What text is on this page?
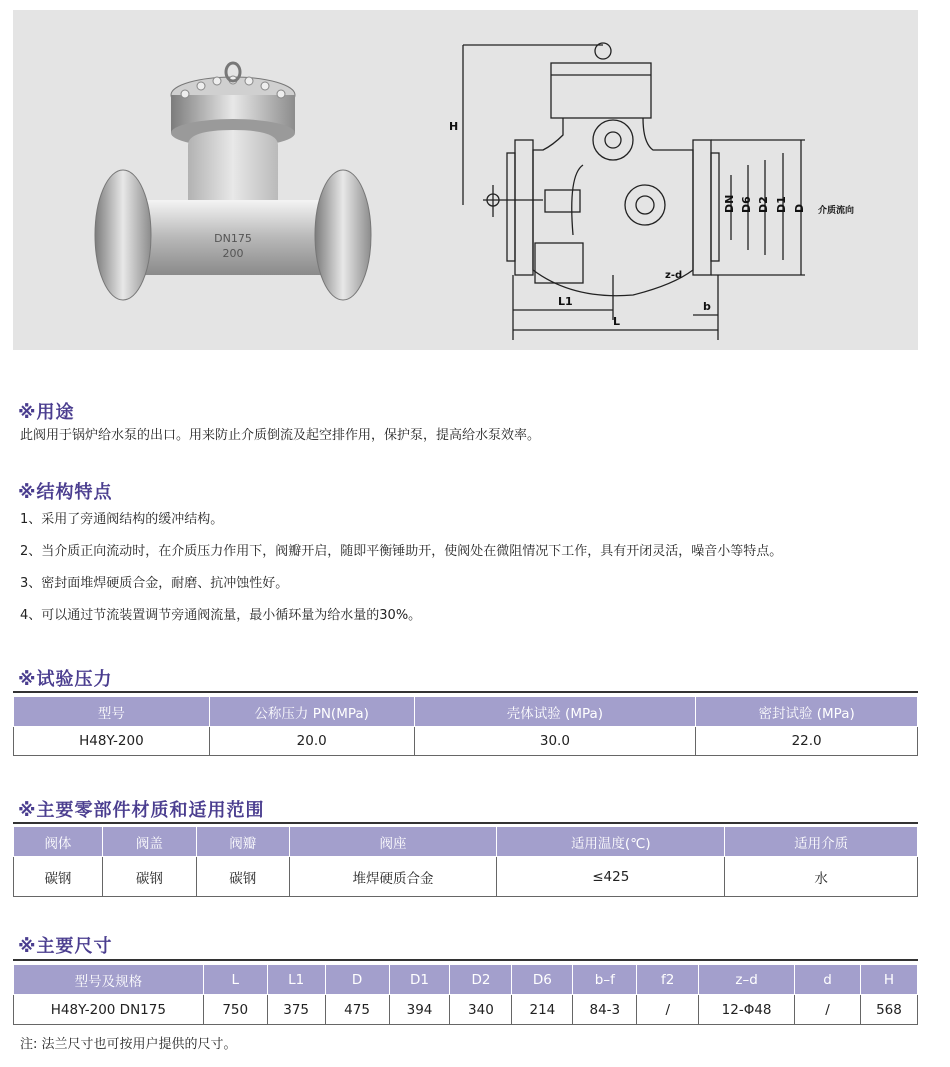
DN175
200
H
DN D6 D2 D1 D 介质流向
z-d
L1
L
b
※用途
此阀用于锅炉给水泵的出口。用来防止介质倒流及起空排作用，保护泵，提高给水泵效率。
※结构特点
1、采用了旁通阀结构的缓冲结构。
2、当介质正向流动时，在介质压力作用下，阀瓣开启，随即平衡锤助开，使阀处在微阻情况下工作，具有开闭灵活，噪音小等特点。
3、密封面堆焊硬质合金，耐磨、抗冲蚀性好。
4、可以通过节流装置调节旁通阀流量，最小循环量为给水量的30%。
※试验压力
型号	公称压力 PN(MPa)	壳体试验 (MPa)	密封试验 (MPa)
H48Y-200	20.0	30.0	22.0
※主要零部件材质和适用范围
阀体	阀盖	阀瓣	阀座	适用温度(℃)	适用介质
碳钢	碳钢	碳钢	堆焊硬质合金	≤425	水
※主要尺寸
型号及规格	L	L1	D	D1	D2	D6	b–f	f2	z–d	d	H
H48Y-200 DN175	750	375	475	394	340	214	84-3	/	12-Φ48	/	568
注: 法兰尺寸也可按用户提供的尺寸。
